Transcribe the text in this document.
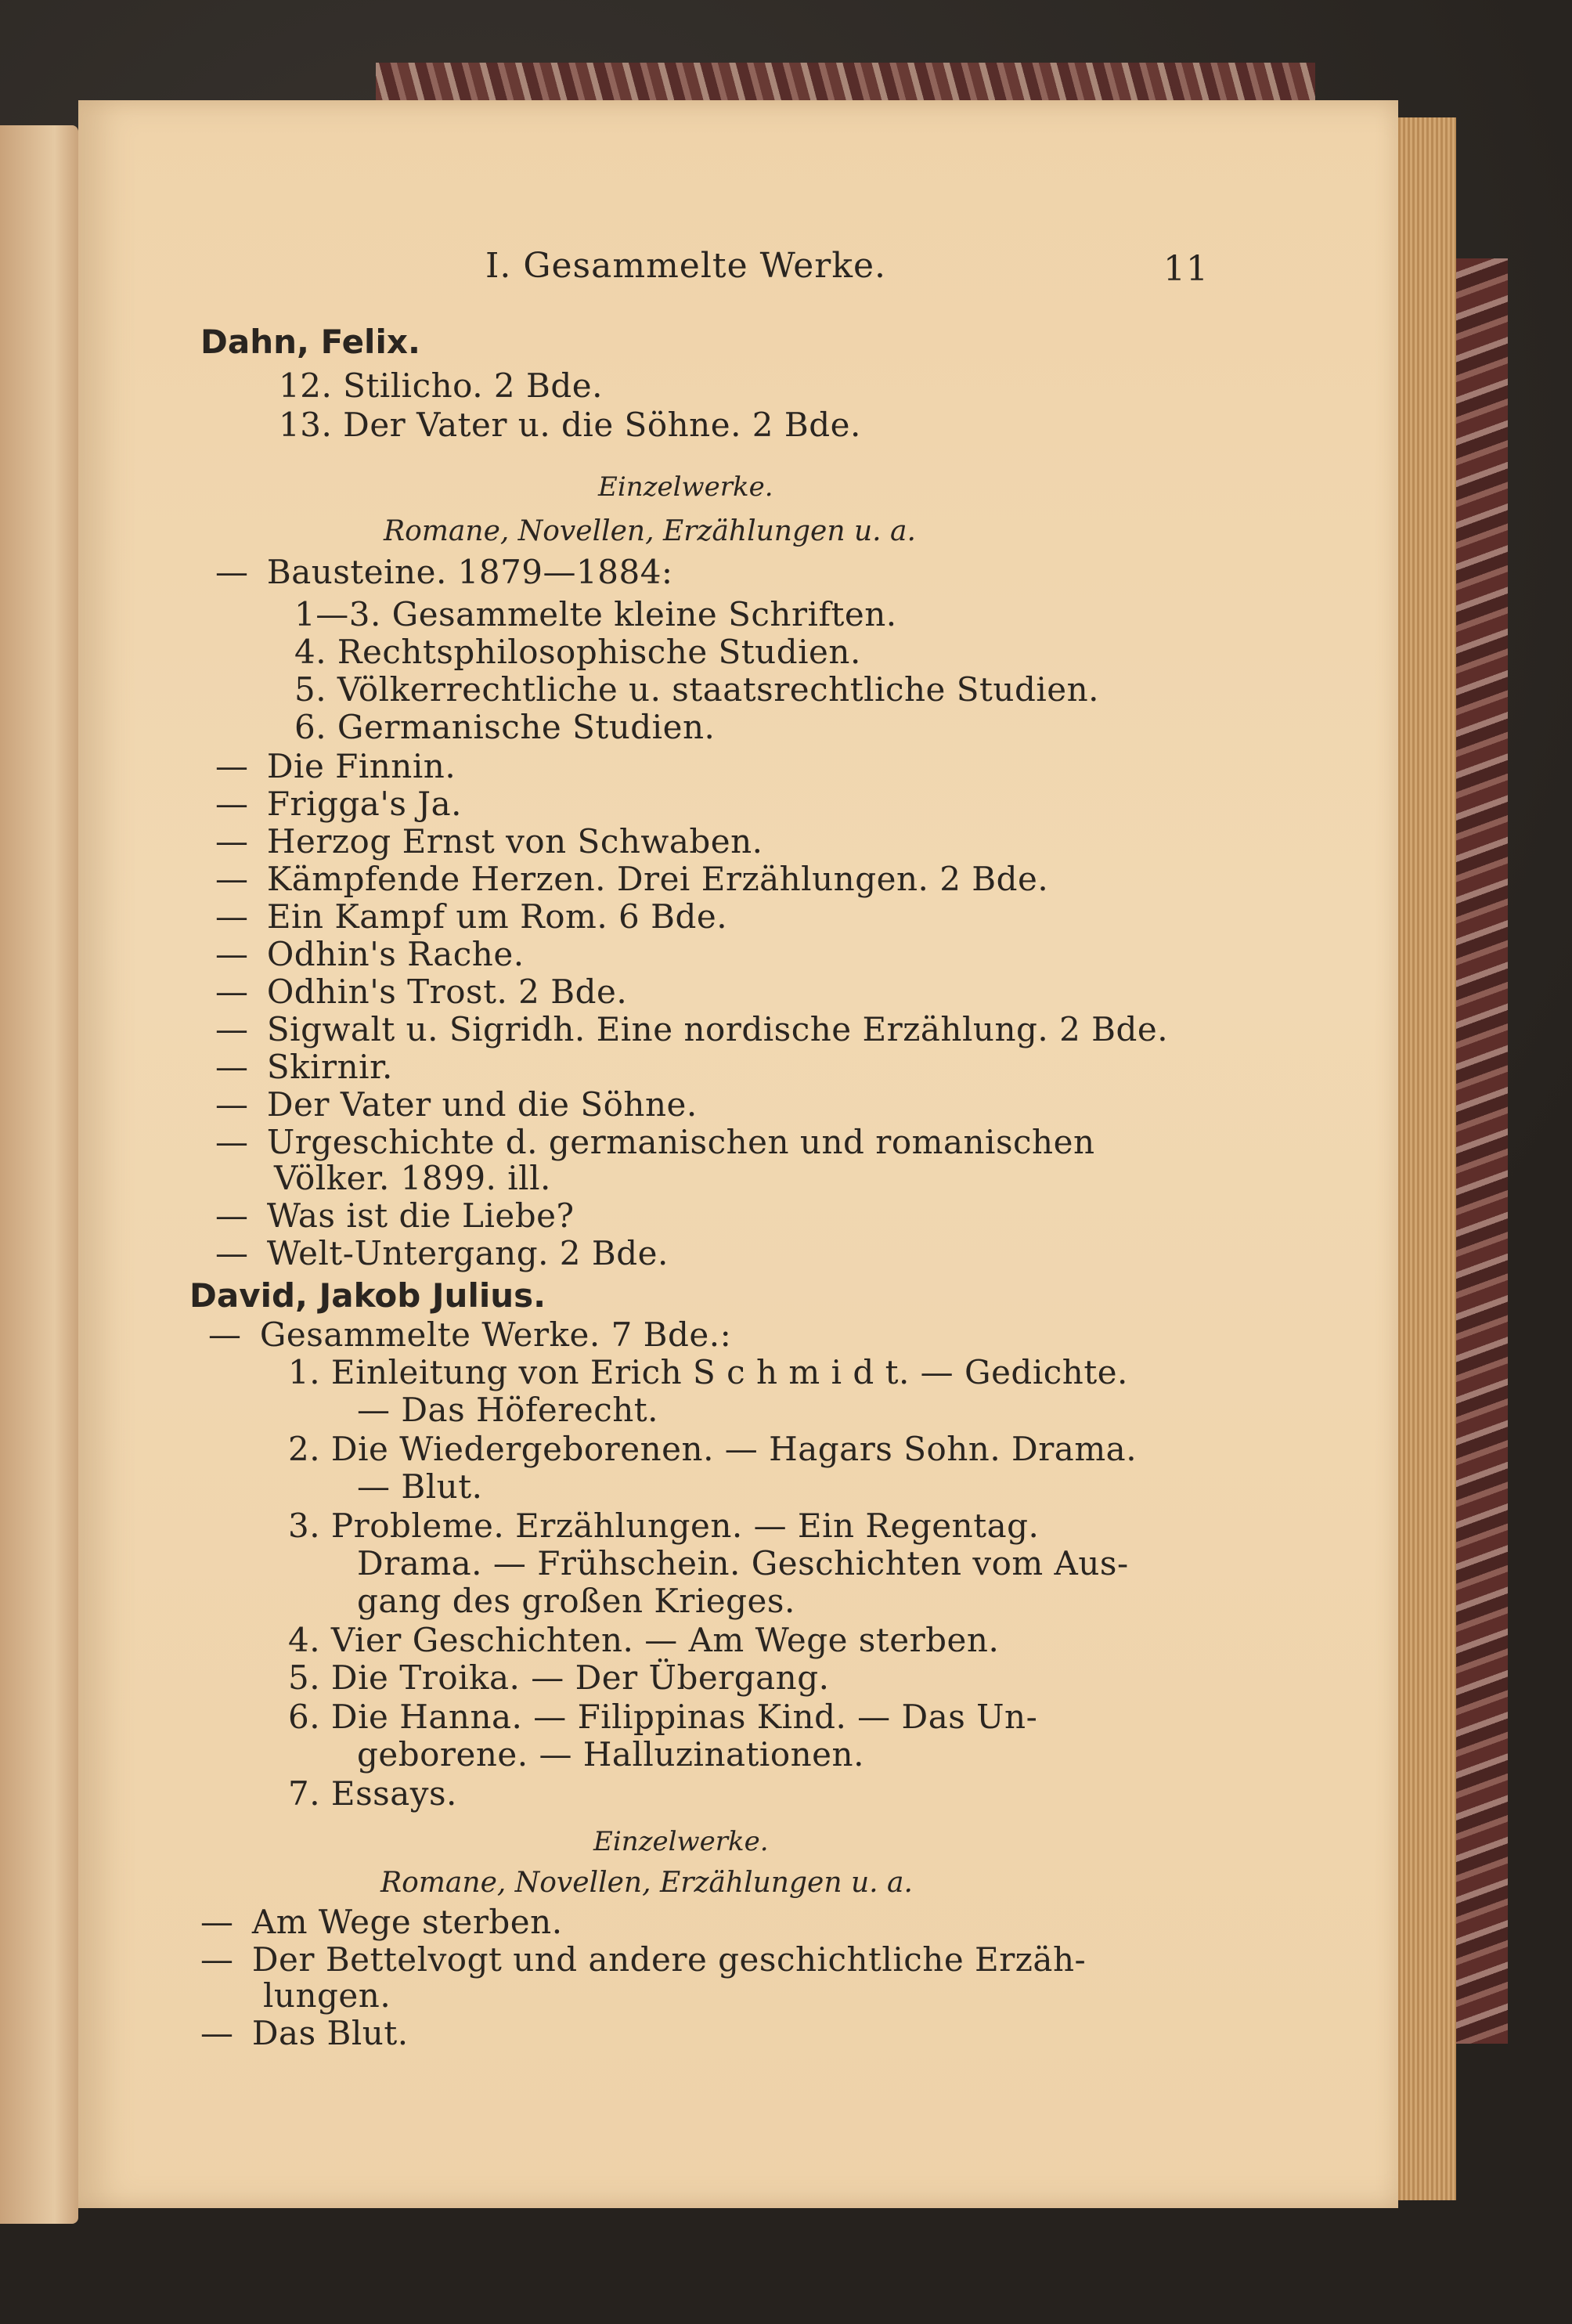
I. Gesammelte Werke.	11
Dahn, Felix.
12. Stilicho. 2 Bde.
13. Der Vater u. die Söhne. 2 Bde.
Einzelwerke.
Romane, Novellen, Erzählungen u. a.
— Bausteine. 1879—1884:
1—3. Gesammelte kleine Schriften.
4. Rechtsphilosophische Studien.
5. Völkerrechtliche u. staatsrechtliche Studien.
6. Germanische Studien.
— Die Finnin.
— Frigga's Ja.
— Herzog Ernst von Schwaben.
— Kämpfende Herzen. Drei Erzählungen. 2 Bde.
— Ein Kampf um Rom. 6 Bde.
— Odhin's Rache.
— Odhin's Trost. 2 Bde.
— Sigwalt u. Sigridh. Eine nordische Erzählung. 2 Bde.
— Skirnir.
— Der Vater und die Söhne.
— Urgeschichte d. germanischen und romanischen
Völker. 1899. ill.
— Was ist die Liebe?
— Welt-Untergang. 2 Bde.
David, Jakob Julius.
— Gesammelte Werke. 7 Bde.:
1. Einleitung von Erich S c h m i d t. — Gedichte.
— Das Höferecht.
2. Die Wiedergeborenen. — Hagars Sohn. Drama.
— Blut.
3. Probleme. Erzählungen. — Ein Regentag.
Drama. — Frühschein. Geschichten vom Aus-
gang des großen Krieges.
4. Vier Geschichten. — Am Wege sterben.
5. Die Troika. — Der Übergang.
6. Die Hanna. — Filippinas Kind. — Das Un-
geborene. — Halluzinationen.
7. Essays.
Einzelwerke.
Romane, Novellen, Erzählungen u. a.
— Am Wege sterben.
— Der Bettelvogt und andere geschichtliche Erzäh-
lungen.
— Das Blut.
